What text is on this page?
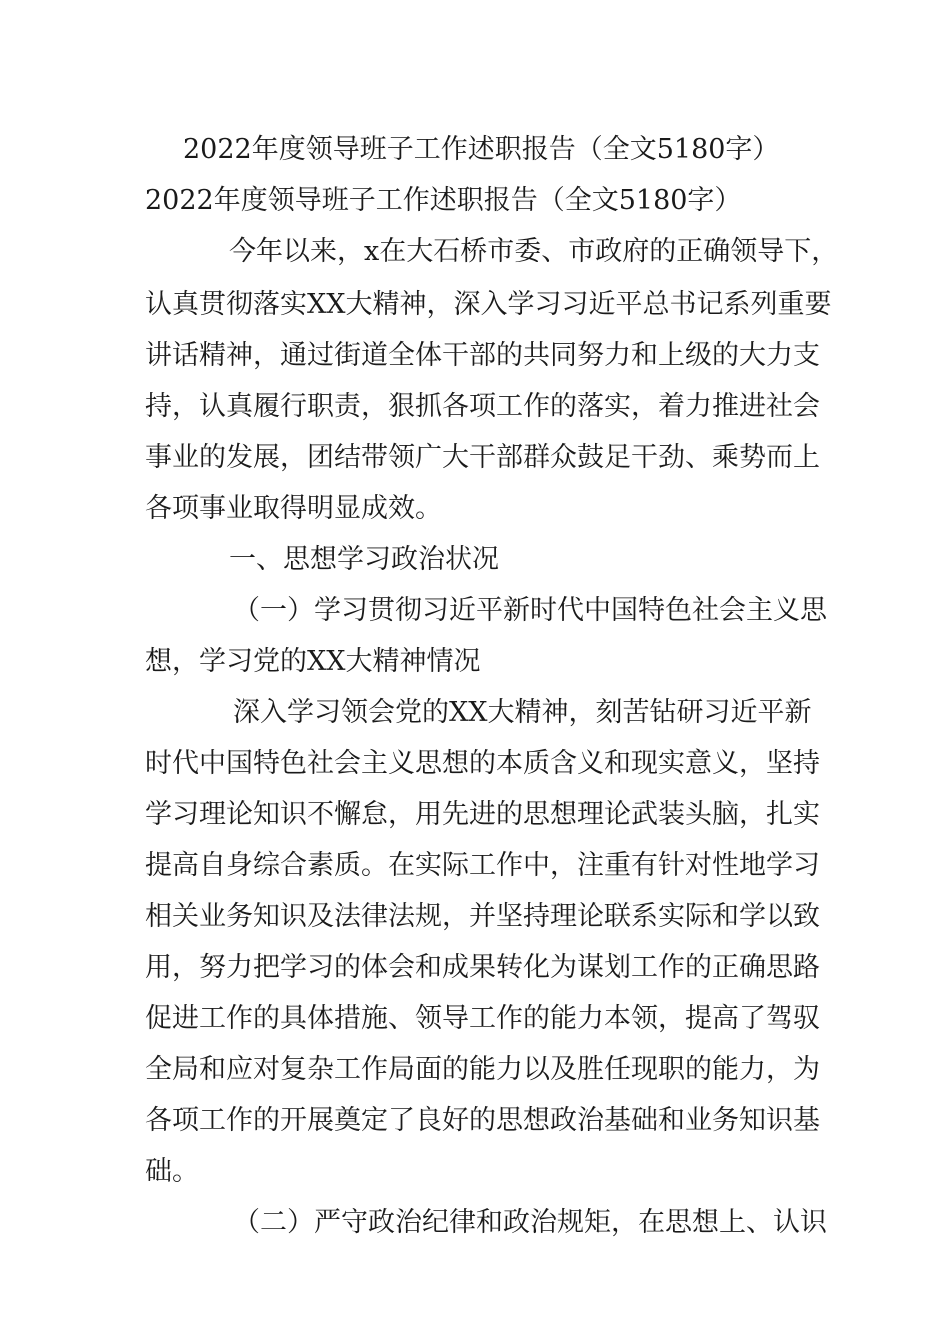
2022年度领导班子工作述职报告（全文5180字）
2022年度领导班子工作述职报告（全文5180字）
今年以来，x在大石桥市委、市政府的正确领导下，
认真贯彻落实XX大精神，深入学习习近平总书记系列重要
讲话精神，通过街道全体干部的共同努力和上级的大力支
持，认真履行职责，狠抓各项工作的落实，着力推进社会
事业的发展，团结带领广大干部群众鼓足干劲、乘势而上
各项事业取得明显成效。
一、思想学习政治状况
（一）学习贯彻习近平新时代中国特色社会主义思
想，学习党的XX大精神情况
深入学习领会党的XX大精神，刻苦钻研习近平新
时代中国特色社会主义思想的本质含义和现实意义，坚持
学习理论知识不懈怠，用先进的思想理论武装头脑，扎实
提高自身综合素质。在实际工作中，注重有针对性地学习
相关业务知识及法律法规，并坚持理论联系实际和学以致
用，努力把学习的体会和成果转化为谋划工作的正确思路
促进工作的具体措施、领导工作的能力本领，提高了驾驭
全局和应对复杂工作局面的能力以及胜任现职的能力，为
各项工作的开展奠定了良好的思想政治基础和业务知识基
础。
（二）严守政治纪律和政治规矩，在思想上、认识
